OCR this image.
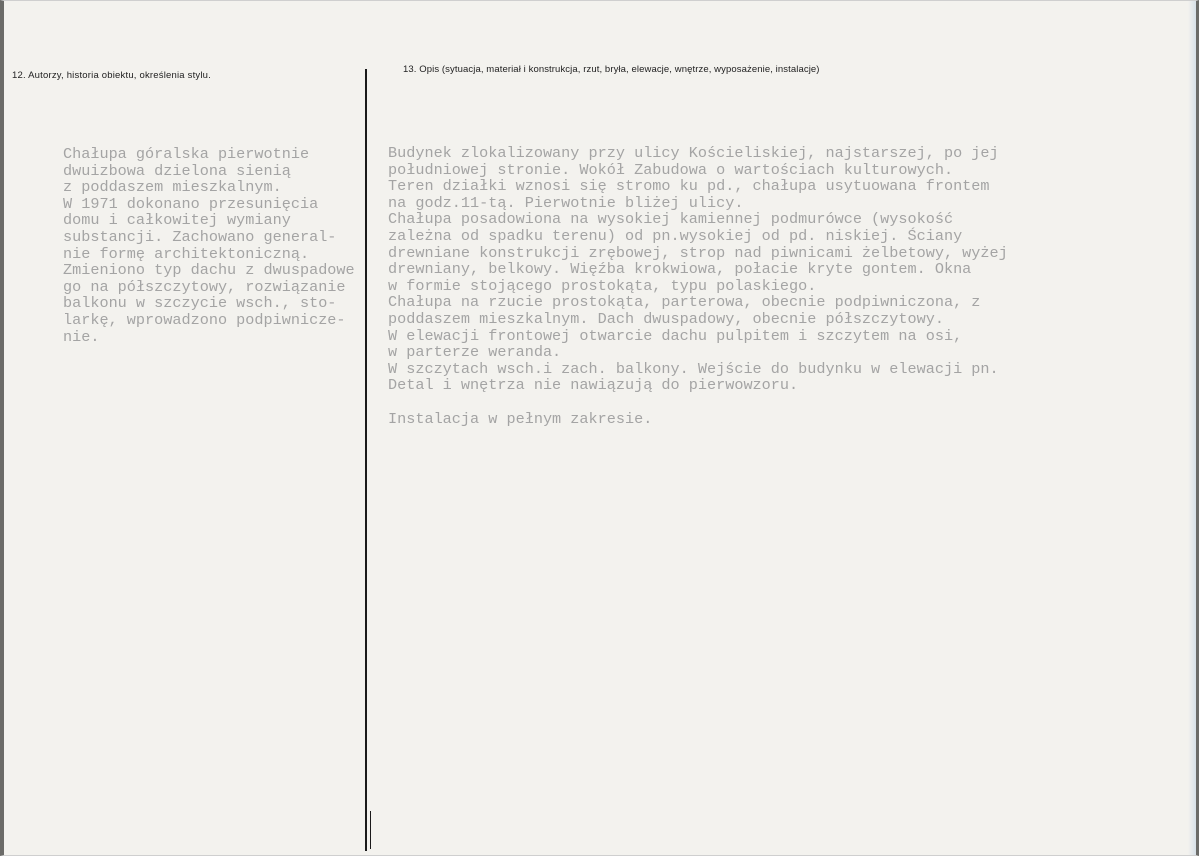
12. Autorzy, historia obiektu, określenia stylu.
13. Opis (sytuacja, materiał i konstrukcja, rzut, bryła, elewacje, wnętrze, wyposażenie, instalacje)
Chałupa góralska pierwotnie
dwuizbowa dzielona sienią
z poddaszem mieszkalnym.
W 1971 dokonano przesunięcia
domu i całkowitej wymiany
substancji. Zachowano general-
nie formę architektoniczną.
Zmieniono typ dachu z dwuspadowe
go na półszczytowy, rozwiązanie
balkonu w szczycie wsch., sto-
larkę, wprowadzono podpiwnicze-
nie.
Budynek zlokalizowany przy ulicy Kościeliskiej, najstarszej, po jej
południowej stronie. Wokół Zabudowa o wartościach kulturowych.
Teren działki wznosi się stromo ku pd., chałupa usytuowana frontem
na godz.11-tą. Pierwotnie bliżej ulicy.
Chałupa posadowiona na wysokiej kamiennej podmurówce (wysokość
zależna od spadku terenu) od pn.wysokiej od pd. niskiej. Ściany
drewniane konstrukcji zrębowej, strop nad piwnicami żelbetowy, wyżej
drewniany, belkowy. Więźba krokwiowa, połacie kryte gontem. Okna
w formie stojącego prostokąta, typu polaskiego.
Chałupa na rzucie prostokąta, parterowa, obecnie podpiwniczona, z
poddaszem mieszkalnym. Dach dwuspadowy, obecnie półszczytowy.
W elewacji frontowej otwarcie dachu pulpitem i szczytem na osi,
w parterze weranda.
W szczytach wsch.i zach. balkony. Wejście do budynku w elewacji pn.
Detal i wnętrza nie nawiązują do pierwowzoru.

Instalacja w pełnym zakresie.
